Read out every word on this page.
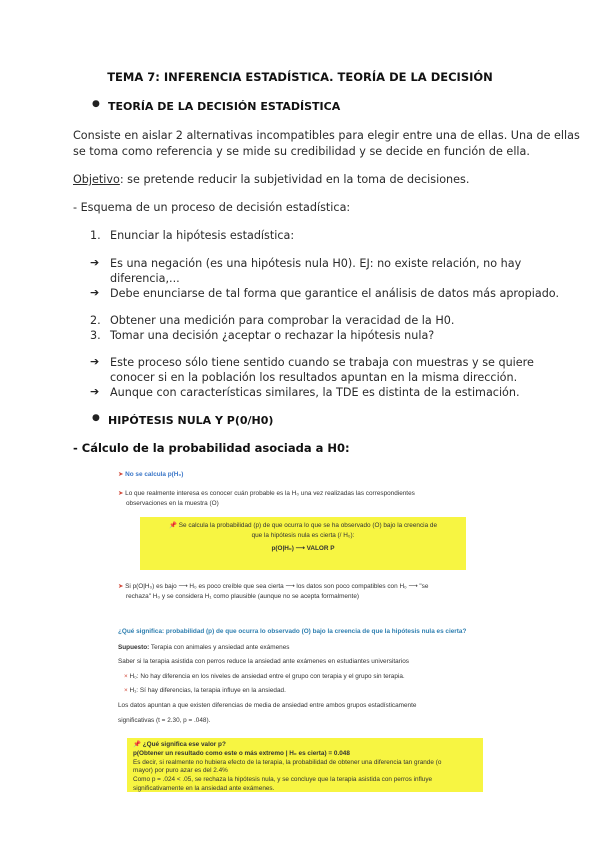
TEMA 7: INFERENCIA ESTADÍSTICA. TEORÍA DE LA DECISIÓN
● TEORÍA DE LA DECISIÓN ESTADÍSTICA
Consiste en aislar 2 alternativas incompatibles para elegir entre una de ellas. Una de ellas
se toma como referencia y se mide su credibilidad y se decide en función de ella.
Objetivo: se pretende reducir la subjetividad en la toma de decisiones.
- Esquema de un proceso de decisión estadística:
1. Enunciar la hipótesis estadística:
➔ Es una negación (es una hipótesis nula H0). EJ: no existe relación, no hay
diferencia,...
➔ Debe enunciarse de tal forma que garantice el análisis de datos más apropiado.
2. Obtener una medición para comprobar la veracidad de la H0.
3. Tomar una decisión ¿aceptar o rechazar la hipótesis nula?
➔ Este proceso sólo tiene sentido cuando se trabaja con muestras y se quiere
conocer si en la población los resultados apuntan en la misma dirección.
➔ Aunque con características similares, la TDE es distinta de la estimación.
● HIPÓTESIS NULA Y P(0/H0)
- Cálculo de la probabilidad asociada a H0:
➤ No se calcula p(H₀)
➤ Lo que realmente interesa es conocer cuán probable es la H₀ una vez realizadas las correspondientes
observaciones en la muestra (O)
📌 Se calcula la probabilidad (p) de que ocurra lo que se ha observado (O) bajo la creencia de
que la hipótesis nula es cierta (/ H₀):
p(O|H₀) ⟶ VALOR P
➤ Si p(O|H₀) es bajo ⟶ H₀ es poco creíble que sea cierta ⟶ los datos son poco compatibles con H₀ ⟶ "se
rechaza" H₀ y se considera H₁ como plausible (aunque no se acepta formalmente)
¿Qué significa: probabilidad (p) de que ocurra lo observado (O) bajo la creencia de que la hipótesis nula es cierta?
Supuesto: Terapia con animales y ansiedad ante exámenes
Saber si la terapia asistida con perros reduce la ansiedad ante exámenes en estudiantes universitarios
× H₀: No hay diferencia en los niveles de ansiedad entre el grupo con terapia y el grupo sin terapia.
× H₁: Sí hay diferencias, la terapia influye en la ansiedad.
Los datos apuntan a que existen diferencias de media de ansiedad entre ambos grupos estadísticamente
significativas (t = 2.30, p = .048).
📌 ¿Qué significa ese valor p?
p(Obtener un resultado como este o más extremo | H₀ es cierta) = 0.048
Es decir, si realmente no hubiera efecto de la terapia, la probabilidad de obtener una diferencia tan grande (o
mayor) por puro azar es del 2.4%
Como p = .024 < .05, se rechaza la hipótesis nula, y se concluye que la terapia asistida con perros influye
significativamente en la ansiedad ante exámenes.
